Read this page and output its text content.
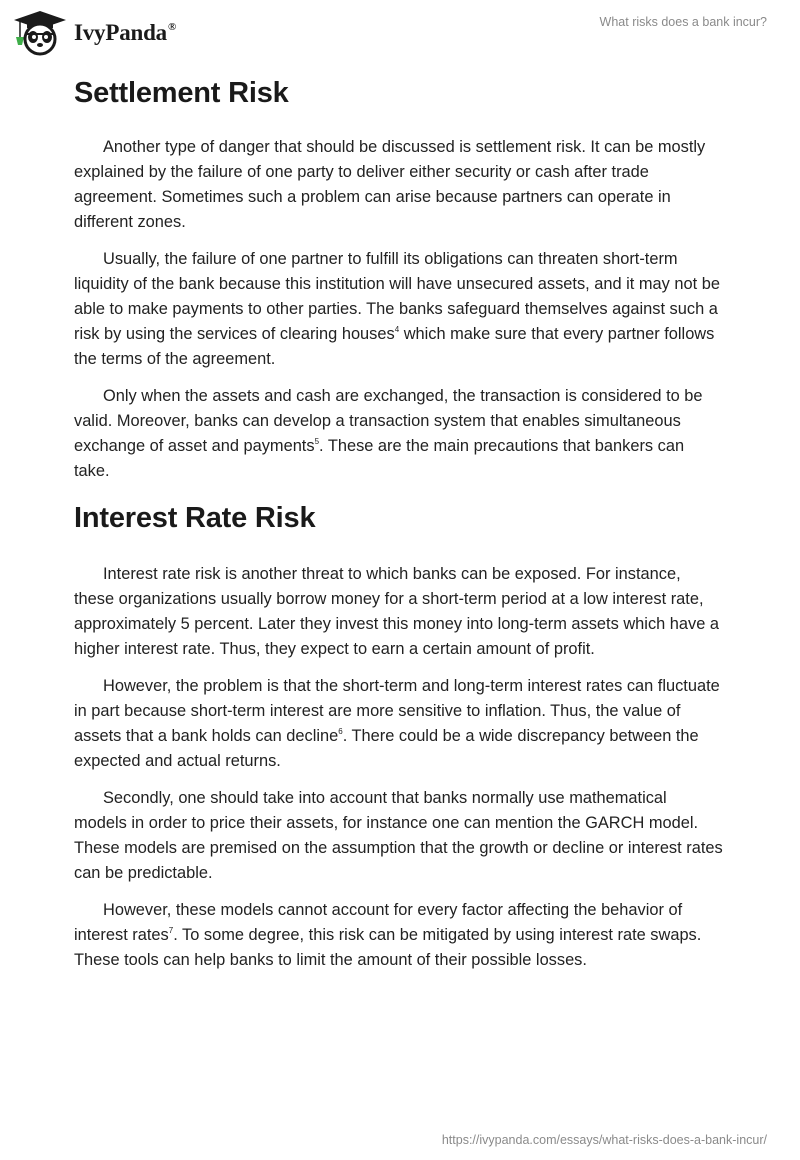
IvyPanda®	What risks does a bank incur?
Settlement Risk

Another type of danger that should be discussed is settlement risk. It can be mostly explained by the failure of one party to deliver either security or cash after trade agreement. Sometimes such a problem can arise because partners can operate in different zones.

Usually, the failure of one partner to fulfill its obligations can threaten short-term liquidity of the bank because this institution will have unsecured assets, and it may not be able to make payments to other parties. The banks safeguard themselves against such a risk by using the services of clearing houses$^4$ which make sure that every partner follows the terms of the agreement.

Only when the assets and cash are exchanged, the transaction is considered to be valid. Moreover, banks can develop a transaction system that enables simultaneous exchange of asset and payments$^5$. These are the main precautions that bankers can take.

Interest Rate Risk

Interest rate risk is another threat to which banks can be exposed. For instance, these organizations usually borrow money for a short-term period at a low interest rate, approximately 5 percent. Later they invest this money into long-term assets which have a higher interest rate. Thus, they expect to earn a certain amount of profit.

However, the problem is that the short-term and long-term interest rates can fluctuate in part because short-term interest are more sensitive to inflation. Thus, the value of assets that a bank holds can decline$^6$. There could be a wide discrepancy between the expected and actual returns.

Secondly, one should take into account that banks normally use mathematical models in order to price their assets, for instance one can mention the GARCH model. These models are premised on the assumption that the growth or decline or interest rates can be predictable.

However, these models cannot account for every factor affecting the behavior of interest rates$^7$. To some degree, this risk can be mitigated by using interest rate swaps. These tools can help banks to limit the amount of their possible losses.

https://ivypanda.com/essays/what-risks-does-a-bank-incur/
